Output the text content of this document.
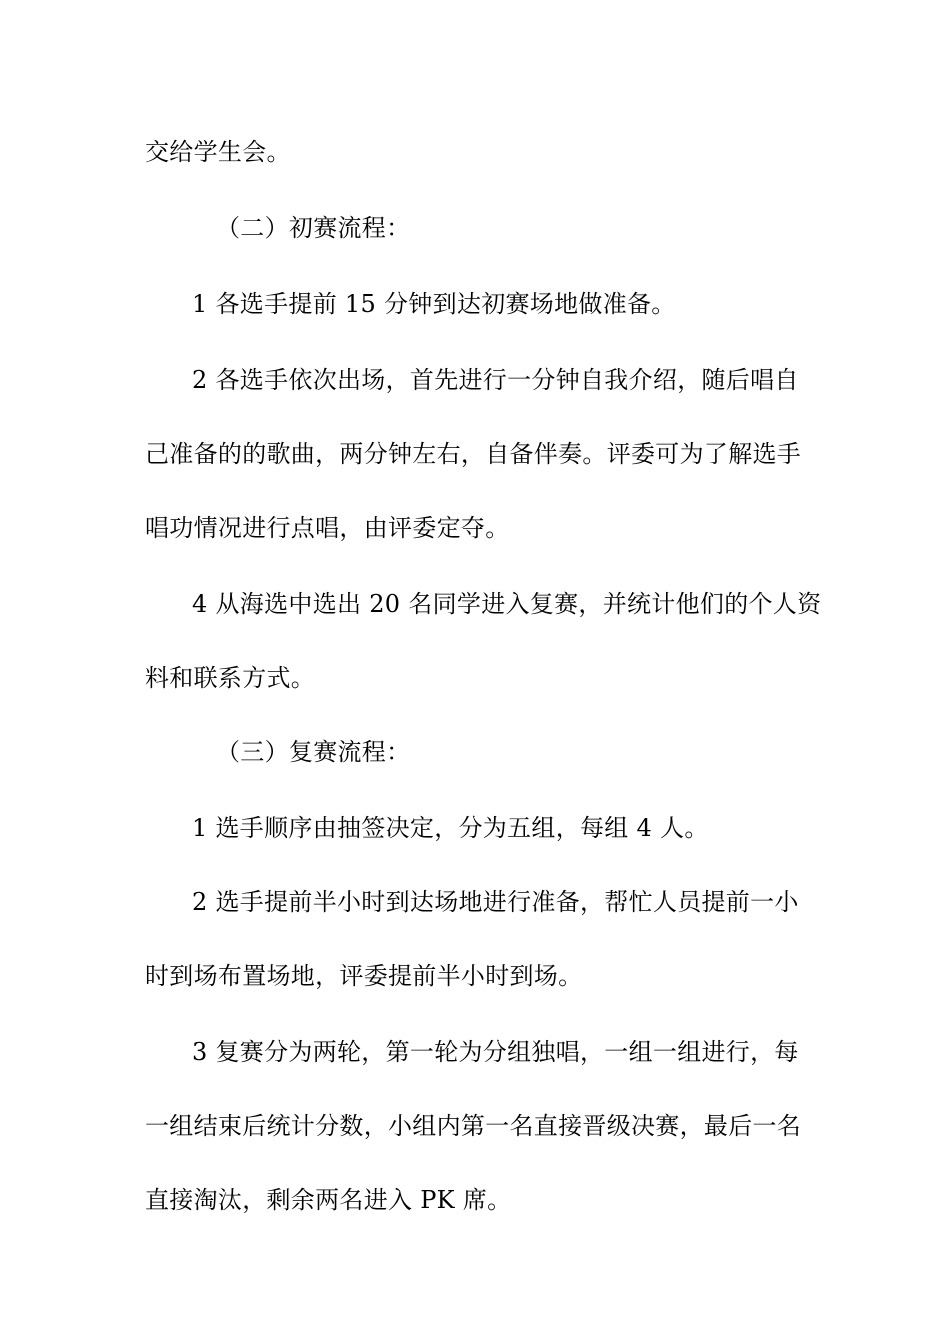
交给学生会。
（二）初赛流程：
1 各选手提前 15 分钟到达初赛场地做准备。
2 各选手依次出场，首先进行一分钟自我介绍，随后唱自
己准备的的歌曲，两分钟左右，自备伴奏。评委可为了解选手
唱功情况进行点唱，由评委定夺。
4 从海选中选出 20 名同学进入复赛，并统计他们的个人资
料和联系方式。
（三）复赛流程：
1 选手顺序由抽签决定，分为五组，每组 4 人。
2 选手提前半小时到达场地进行准备，帮忙人员提前一小
时到场布置场地，评委提前半小时到场。
3 复赛分为两轮，第一轮为分组独唱，一组一组进行，每
一组结束后统计分数，小组内第一名直接晋级决赛，最后一名
直接淘汰，剩余两名进入 PK 席。
